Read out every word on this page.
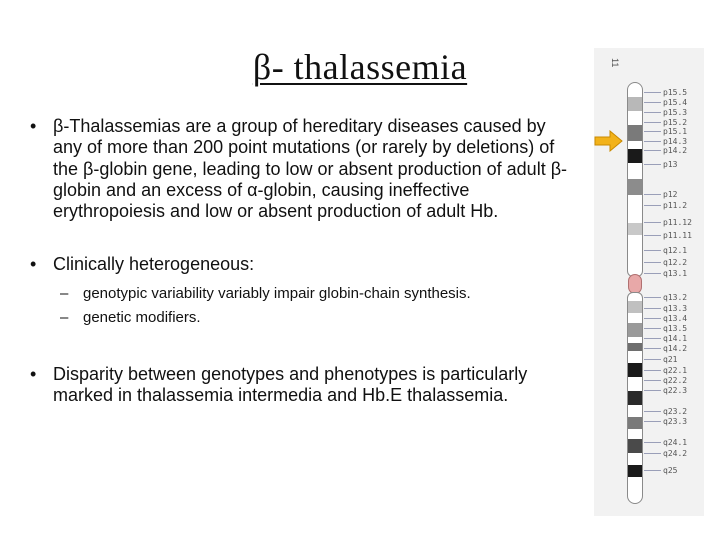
β- thalassemia
• β-Thalassemias are a group of hereditary diseases caused by any of more than 200 point mutations (or rarely by deletions) of the β-globin gene, leading to low or absent production of adult β-globin and an excess of α-globin, causing ineffective erythropoiesis and low or absent production of adult Hb.
• Clinically heterogeneous:
– genotypic variability variably impair globin-chain synthesis.
– genetic modifiers.
• Disparity between genotypes and phenotypes is particularly marked in thalassemia intermedia and Hb.E thalassemia.
11
p15.5
p15.4
p15.3
p15.2
p15.1
p14.3
p14.2
p13
p12
p11.2
p11.12
p11.11
q12.1
q12.2
q13.1
q13.2
q13.3
q13.4
q13.5
q14.1
q14.2
q21
q22.1
q22.2
q22.3
q23.2
q23.3
q24.1
q24.2
q25
